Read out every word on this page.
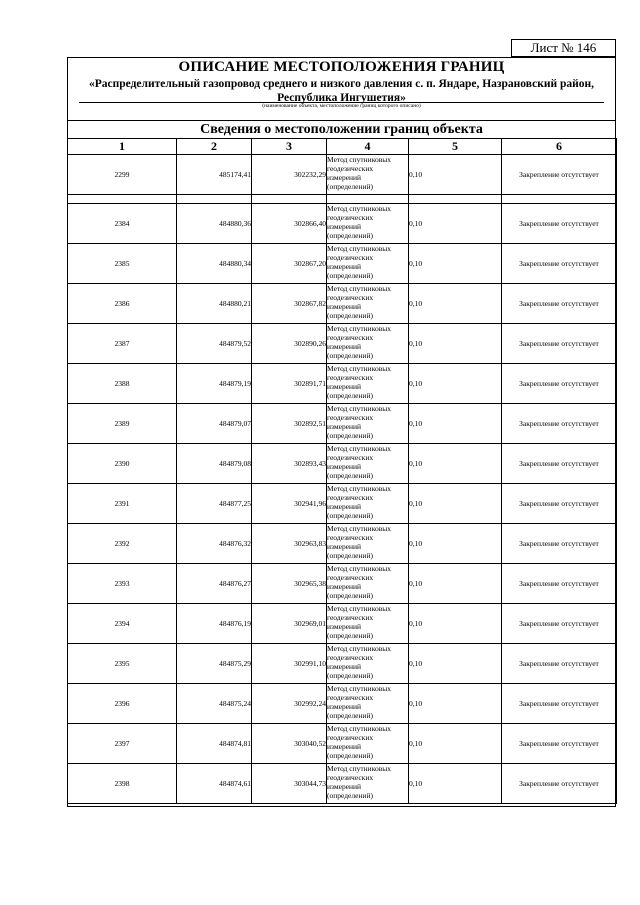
Лист № 146
ОПИСАНИЕ МЕСТОПОЛОЖЕНИЯ ГРАНИЦ
«Распределительный газопровод среднего и низкого давления с. п. Яндаре, Назрановский район, Республика Ингушетия»
(наименование объекта, местоположение границ которого описано)
Сведения о местоположении границ объекта
1	2	3	4	5	6
2299	485174,41	302232,29	Метод спутниковых геодезических измерений (определений)	0,10	Закрепление отсутствует

2384	484880,36	302866,40	Метод спутниковых геодезических измерений (определений)	0,10	Закрепление отсутствует
2385	484880,34	302867,20	Метод спутниковых геодезических измерений (определений)	0,10	Закрепление отсутствует
2386	484880,21	302867,82	Метод спутниковых геодезических измерений (определений)	0,10	Закрепление отсутствует
2387	484879,52	302890,26	Метод спутниковых геодезических измерений (определений)	0,10	Закрепление отсутствует
2388	484879,19	302891,71	Метод спутниковых геодезических измерений (определений)	0,10	Закрепление отсутствует
2389	484879,07	302892,51	Метод спутниковых геодезических измерений (определений)	0,10	Закрепление отсутствует
2390	484879,08	302893,43	Метод спутниковых геодезических измерений (определений)	0,10	Закрепление отсутствует
2391	484877,25	302941,96	Метод спутниковых геодезических измерений (определений)	0,10	Закрепление отсутствует
2392	484876,32	302963,83	Метод спутниковых геодезических измерений (определений)	0,10	Закрепление отсутствует
2393	484876,27	302965,38	Метод спутниковых геодезических измерений (определений)	0,10	Закрепление отсутствует
2394	484876,19	302969,01	Метод спутниковых геодезических измерений (определений)	0,10	Закрепление отсутствует
2395	484875,29	302991,10	Метод спутниковых геодезических измерений (определений)	0,10	Закрепление отсутствует
2396	484875,24	302992,24	Метод спутниковых геодезических измерений (определений)	0,10	Закрепление отсутствует
2397	484874,81	303040,52	Метод спутниковых геодезических измерений (определений)	0,10	Закрепление отсутствует
2398	484874,61	303044,73	Метод спутниковых геодезических измерений (определений)	0,10	Закрепление отсутствует
